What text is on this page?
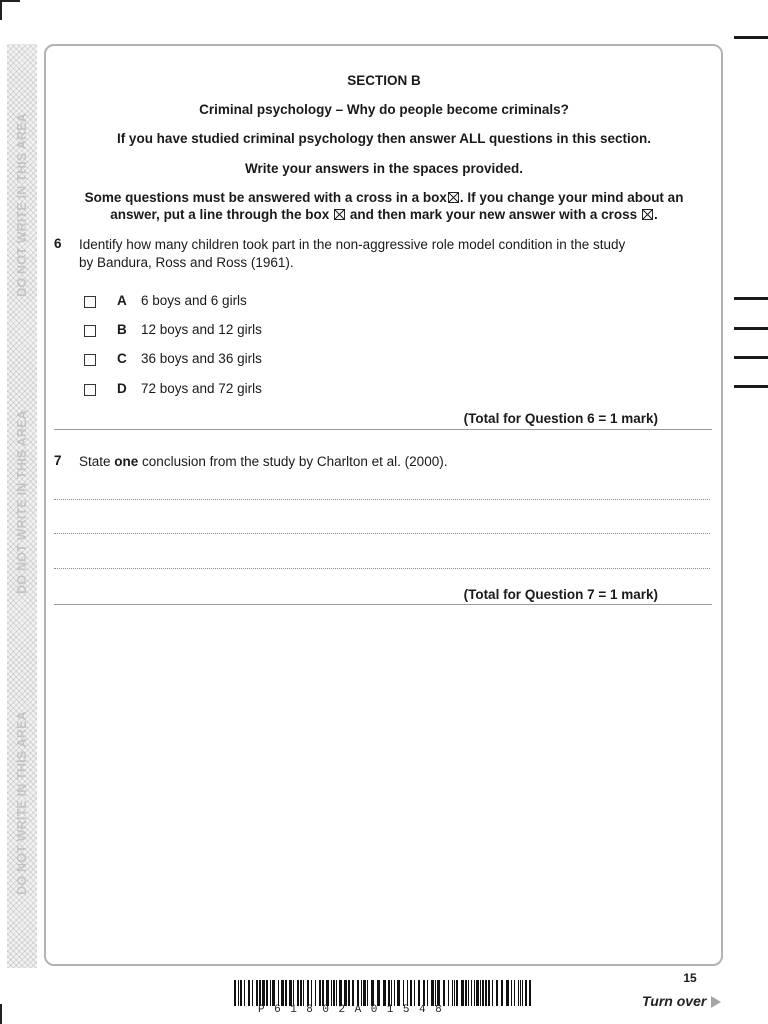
DO NOT WRITE IN THIS AREA
DO NOT WRITE IN THIS AREA
DO NOT WRITE IN THIS AREA
SECTION B
Criminal psychology – Why do people become criminals?
If you have studied criminal psychology then answer ALL questions in this section.
Write your answers in the spaces provided.
Some questions must be answered with a cross in a box☒. If you change your mind about an
answer, put a line through the box ☒ and then mark your new answer with a cross ☒.
6 Identify how many children took part in the non-aggressive role model condition in the study by Bandura, Ross and Ross (1961).
A 6 boys and 6 girls
B 12 boys and 12 girls
C 36 boys and 36 girls
D 72 boys and 72 girls
(Total for Question 6 = 1 mark)
7 State one conclusion from the study by Charlton et al. (2000).
(Total for Question 7 = 1 mark)
15
Turn over
P61802A01548
